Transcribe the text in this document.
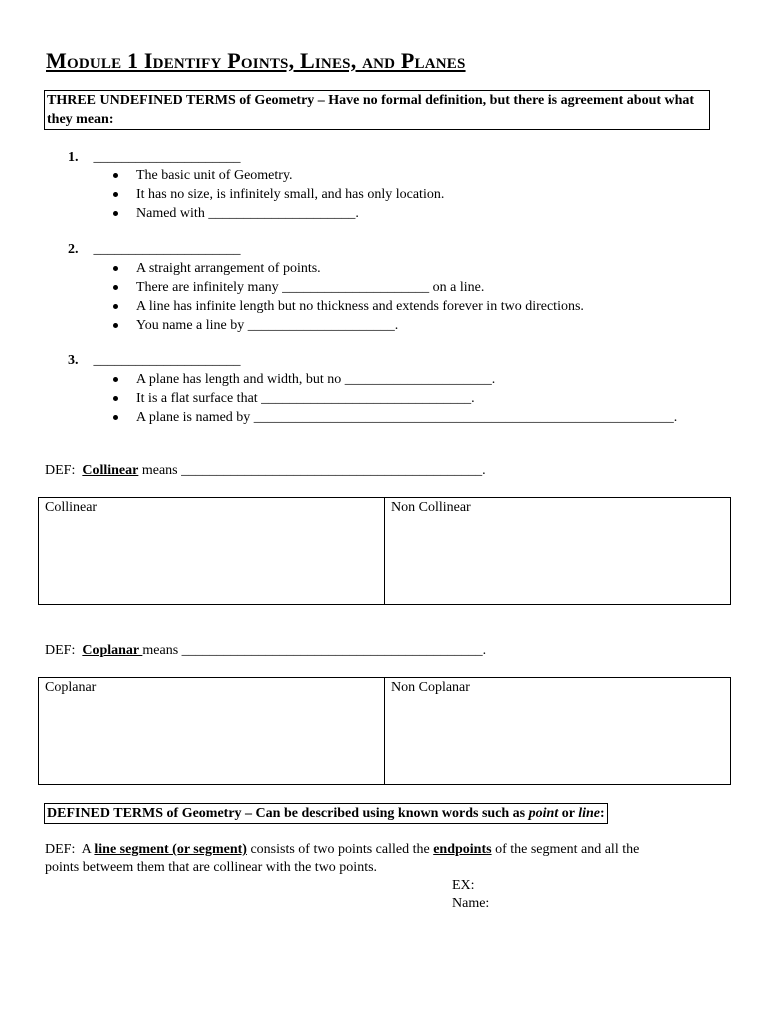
Module 1 Identify Points, Lines, and Planes
THREE UNDEFINED TERMS of Geometry – Have no formal definition, but there is agreement about what they mean:
1. _____________________
The basic unit of Geometry.
It has no size, is infinitely small, and has only location.
Named with _____________________.
2. _____________________
A straight arrangement of points.
There are infinitely many _____________________ on a line.
A line has infinite length but no thickness and extends forever in two directions.
You name a line by _____________________.
3. _____________________
A plane has length and width, but no _____________________.
It is a flat surface that ______________________________.
A plane is named by ____________________________________________________________.
DEF:  Collinear means ___________________________________________.
Collinear	Non Collinear
DEF:  Coplanar means ___________________________________________.
Coplanar	Non Coplanar
DEFINED TERMS of Geometry – Can be described using known words such as point or line:
DEF:  A line segment (or segment) consists of two points called the endpoints of the segment and all the
points betweem them that are collinear with the two points.
EX:
Name:
